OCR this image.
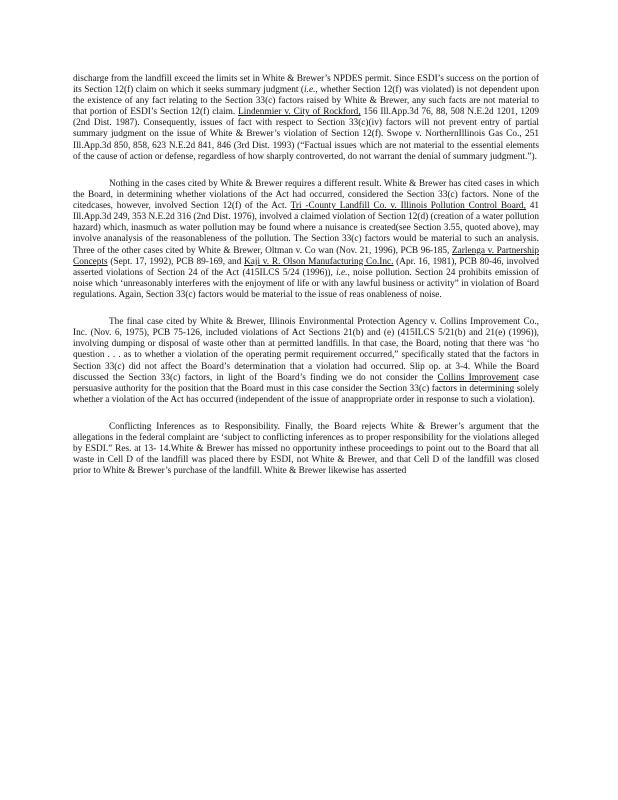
discharge from the landfill exceed the limits set in White & Brewer’s NPDES permit. Since ESDI’s success on the portion of its Section 12(f) claim on which it seeks summary judgment (i.e., whether Section 12(f) was violated) is not dependent upon the existence of any fact relating to the Section 33(c) factors raised by White & Brewer, any such facts are not material to that portion of ESDI’s Section 12(f) claim. Lindenmier v. City of Rockford, 156 Ill.App.3d 76, 88, 508 N.E.2d 1201, 1209 (2nd Dist. 1987). Consequently, issues of fact with respect to Section 33(c)(iv) factors will not prevent entry of partial summary judgment on the issue of White & Brewer’s violation of Section 12(f). Swope v. NorthernIllinois Gas Co., 251 Ill.App.3d 850, 858, 623 N.E.2d 841, 846 (3rd Dist. 1993) (“Factual issues which are not material to the essential elements of the cause of action or defense, regardless of how sharply controverted, do not warrant the denial of summary judgment.”).

Nothing in the cases cited by White & Brewer requires a different result. White & Brewer has cited cases in which the Board, in determining whether violations of the Act had occurred, considered the Section 33(c) factors. None of the citedcases, however, involved Section 12(f) of the Act. Tri -County Landfill Co. v. Illinois Pollution Control Board, 41 Ill.App.3d 249, 353 N.E.2d 316 (2nd Dist. 1976), involved a claimed violation of Section 12(d) (creation of a water pollution hazard) which, inasmuch as water pollution may be found where a nuisance is created(see Section 3.55, quoted above), may involve ananalysis of the reasonableness of the pollution. The Section 33(c) factors would be material to such an analysis. Three of the other cases cited by White & Brewer, Oltman v. Co wan (Nov. 21, 1996), PCB 96-185, Zarlenga v. Partnership Concepts (Sept. 17, 1992), PCB 89-169, and Kaji v. R. Olson Manufacturing Co.Inc. (Apr. 16, 1981), PCB 80-46, involved asserted violations of Section 24 of the Act (415ILCS 5/24 (1996)), i.e., noise pollution. Section 24 prohibits emission of noise which ‘unreasonably interferes with the enjoyment of life or with any lawful business or activity” in violation of Board regulations. Again, Section 33(c) factors would be material to the issue of reas onableness of noise.

The final case cited by White & Brewer, Illinois Environmental Protection Agency v. Collins Improvement Co., Inc. (Nov. 6, 1975), PCB 75-126, included violations of Act Sections 21(b) and (e) (415ILCS 5/21(b) and 21(e) (1996)), involving dumping or disposal of waste other than at permitted landfills. In that case, the Board, noting that there was ‘ho question . . . as to whether a violation of the operating permit requirement occurred,” specifically stated that the factors in Section 33(c) did not affect the Board’s determination that a violation had occurred. Slip op. at 3-4. While the Board discussed the Section 33(c) factors, in light of the Board’s finding we do not consider the Collins Improvement case persuasive authority for the position that the Board must in this case consider the Section 33(c) factors in determining solely whether a violation of the Act has occurred (independent of the issue of anappropriate order in response to such a violation).

Conflicting Inferences as to Responsibility. Finally, the Board rejects White & Brewer’s argument that the allegations in the federal complaint are ‘subject to conflicting inferences as to proper responsibility for the violations alleged by ESDI.” Res. at 13- 14.White & Brewer has missed no opportunity inthese proceedings to point out to the Board that all waste in Cell D of the landfill was placed there by ESDI, not White & Brewer, and that Cell D of the landfill was closed prior to White & Brewer’s purchase of the landfill. White & Brewer likewise has asserted
